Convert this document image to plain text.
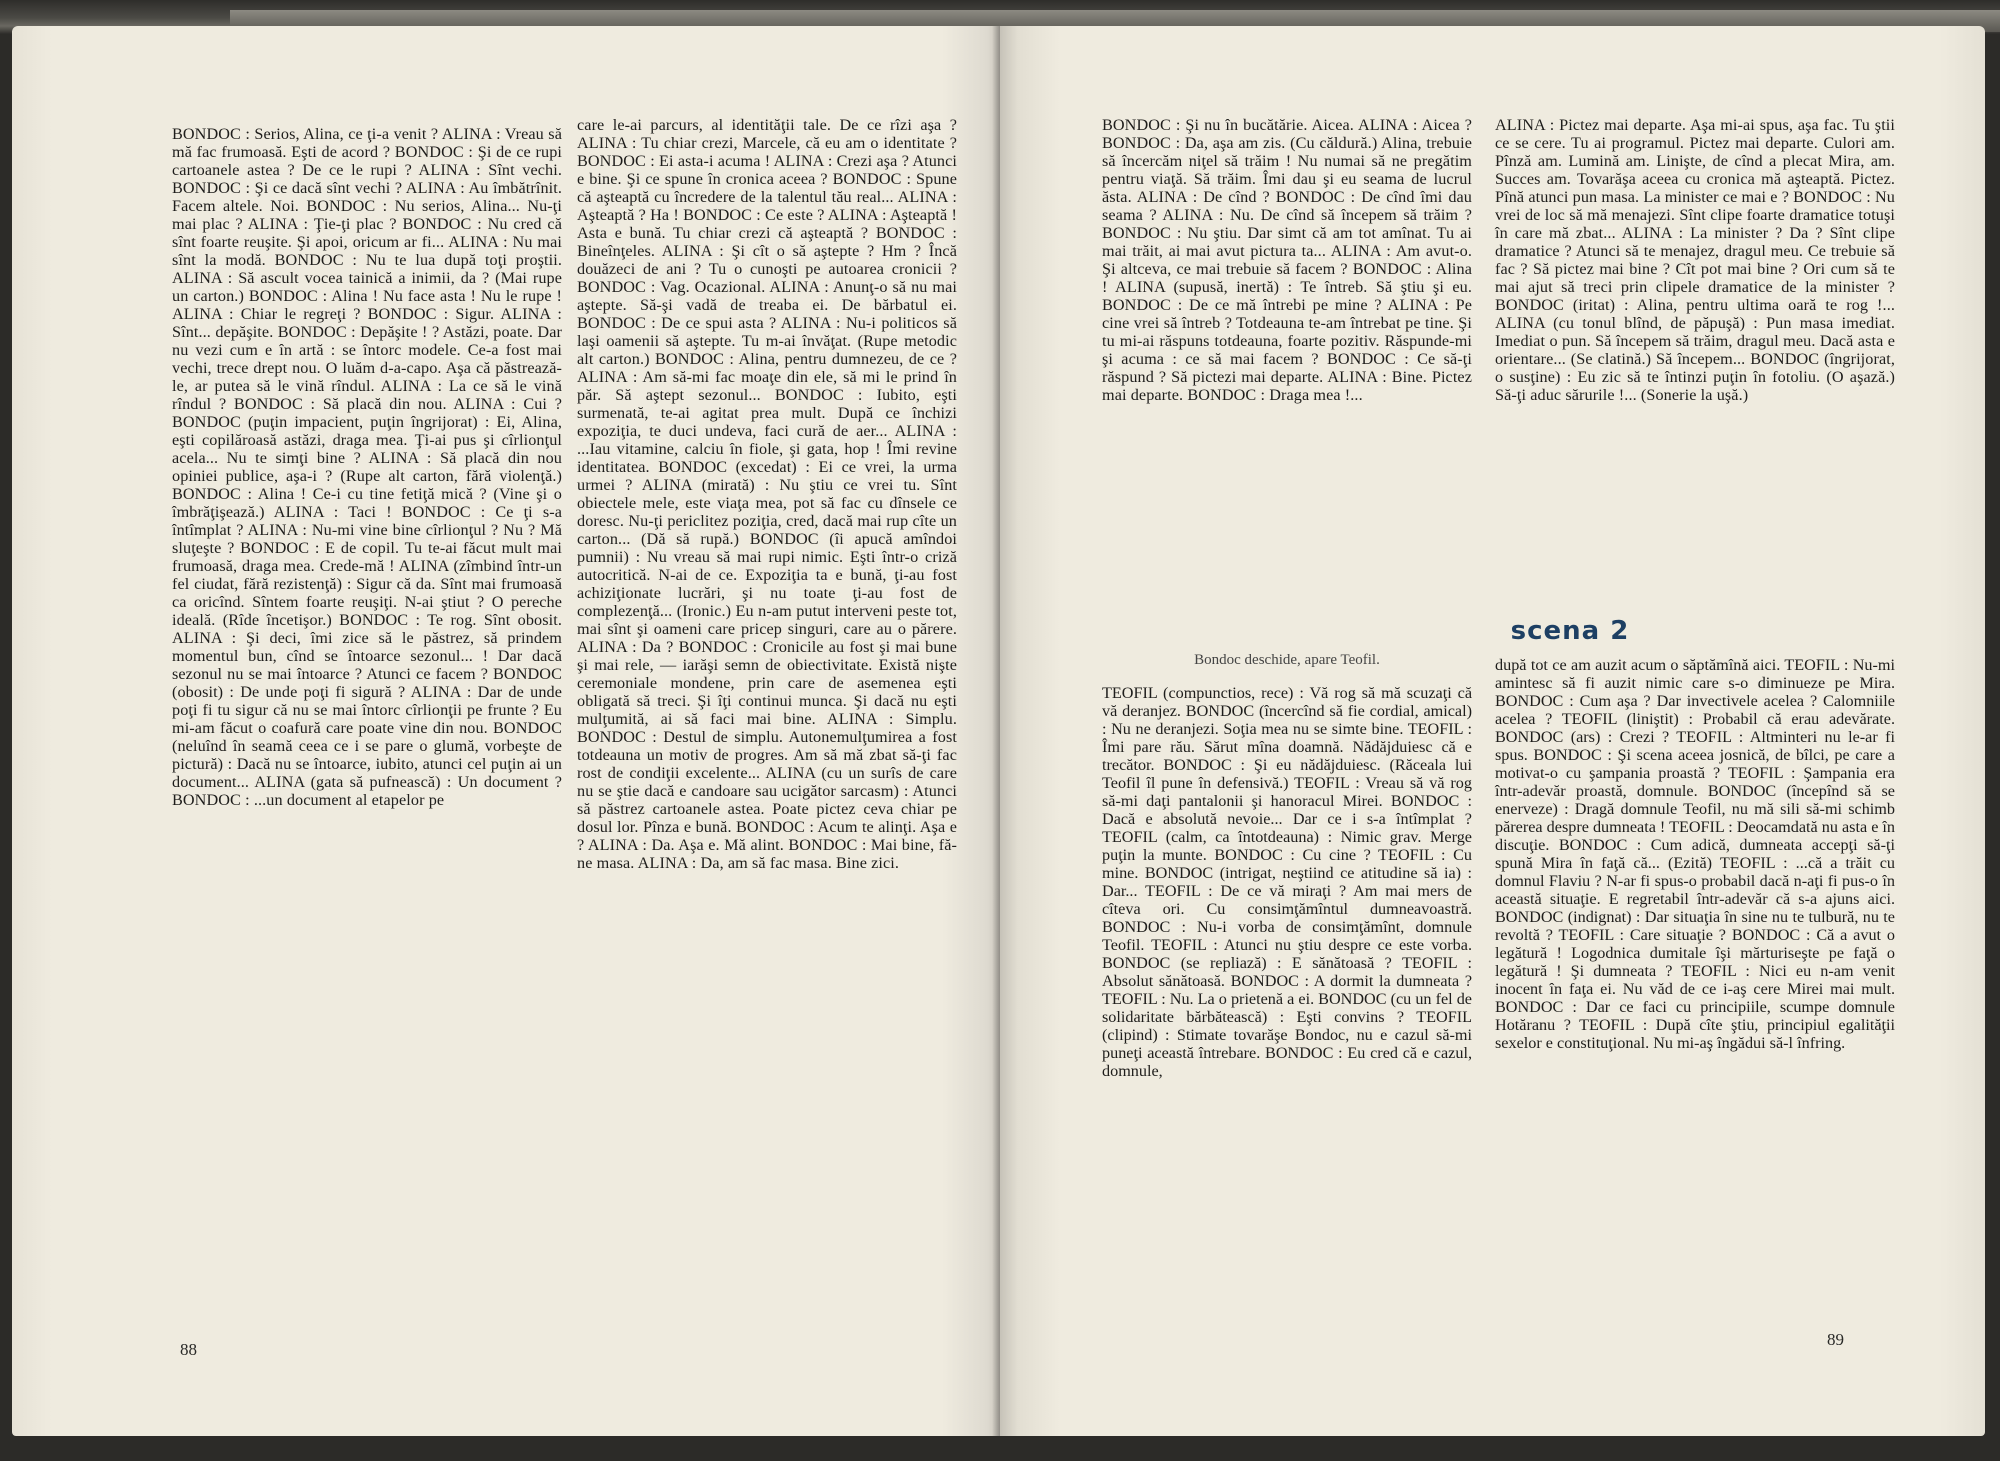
BONDOC : Serios, Alina, ce ţi-a venit ? ALINA : Vreau să mă fac frumoasă. Eşti de acord ? BONDOC : Şi de ce rupi cartoanele astea ? De ce le rupi ? ALINA : Sînt vechi. BONDOC : Şi ce dacă sînt vechi ? ALINA : Au îmbătrînit. Facem altele. Noi. BONDOC : Nu serios, Alina... Nu-ţi mai plac ? ALINA : Ţie-ţi plac ? BONDOC : Nu cred că sînt foarte reuşite. Şi apoi, oricum ar fi... ALINA : Nu mai sînt la modă. BONDOC : Nu te lua după toţi proştii. ALINA : Să ascult vocea tainică a inimii, da ? (Mai rupe un carton.) BONDOC : Alina ! Nu face asta ! Nu le rupe ! ALINA : Chiar le regreţi ? BONDOC : Sigur. ALINA : Sînt... depăşite. BONDOC : Depăşite ! ? Astăzi, poate. Dar nu vezi cum e în artă : se întorc modele. Ce-a fost mai vechi, trece drept nou. O luăm d-a-capo. Aşa că păstrează-le, ar putea să le vină rîndul. ALINA : La ce să le vină rîndul ? BONDOC : Să placă din nou. ALINA : Cui ? BONDOC (puţin impacient, puţin îngrijorat) : Ei, Alina, eşti copilăroasă astăzi, draga mea. Ţi-ai pus şi cîrlionţul acela... Nu te simţi bine ? ALINA : Să placă din nou opiniei publice, aşa-i ? (Rupe alt carton, fără violenţă.) BONDOC : Alina ! Ce-i cu tine fetiţă mică ? (Vine şi o îmbrăţişează.) ALINA : Taci ! BONDOC : Ce ţi s-a întîmplat ? ALINA : Nu-mi vine bine cîrlionţul ? Nu ? Mă sluţeşte ? BONDOC : E de copil. Tu te-ai făcut mult mai frumoasă, draga mea. Crede-mă ! ALINA (zîmbind într-un fel ciudat, fără rezistenţă) : Sigur că da. Sînt mai frumoasă ca oricînd. Sîntem foarte reuşiţi. N-ai ştiut ? O pereche ideală. (Rîde încetişor.) BONDOC : Te rog. Sînt obosit. ALINA : Şi deci, îmi zice să le păstrez, să prindem momentul bun, cînd se întoarce sezonul... ! Dar dacă sezonul nu se mai întoarce ? Atunci ce facem ? BONDOC (obosit) : De unde poţi fi sigură ? ALINA : Dar de unde poţi fi tu sigur că nu se mai întorc cîrlionţii pe frunte ? Eu mi-am făcut o coafură care poate vine din nou. BONDOC (neluînd în seamă ceea ce i se pare o glumă, vorbeşte de pictură) : Dacă nu se întoarce, iubito, atunci cel puţin ai un document... ALINA (gata să pufnească) : Un document ? BONDOC : ...un document al etapelor pe
care le-ai parcurs, al identităţii tale. De ce rîzi aşa ? ALINA : Tu chiar crezi, Marcele, că eu am o identitate ? BONDOC : Ei asta-i acuma ! ALINA : Crezi aşa ? Atunci e bine. Şi ce spune în cronica aceea ? BONDOC : Spune că aşteaptă cu încredere de la talentul tău real... ALINA : Aşteaptă ? Ha ! BONDOC : Ce este ? ALINA : Aşteaptă ! Asta e bună. Tu chiar crezi că aşteaptă ? BONDOC : Bineînţeles. ALINA : Şi cît o să aştepte ? Hm ? Încă douăzeci de ani ? Tu o cunoşti pe autoarea cronicii ? BONDOC : Vag. Ocazional. ALINA : Anunţ-o să nu mai aştepte. Să-şi vadă de treaba ei. De bărbatul ei. BONDOC : De ce spui asta ? ALINA : Nu-i politicos să laşi oamenii să aştepte. Tu m-ai învăţat. (Rupe metodic alt carton.) BONDOC : Alina, pentru dumnezeu, de ce ? ALINA : Am să-mi fac moaţe din ele, să mi le prind în păr. Să aştept sezonul... BONDOC : Iubito, eşti surmenată, te-ai agitat prea mult. După ce închizi expoziţia, te duci undeva, faci cură de aer... ALINA : ...Iau vitamine, calciu în fiole, şi gata, hop ! Îmi revine identitatea. BONDOC (excedat) : Ei ce vrei, la urma urmei ? ALINA (mirată) : Nu ştiu ce vrei tu. Sînt obiectele mele, este viaţa mea, pot să fac cu dînsele ce doresc. Nu-ţi periclitez poziţia, cred, dacă mai rup cîte un carton... (Dă să rupă.) BONDOC (îi apucă amîndoi pumnii) : Nu vreau să mai rupi nimic. Eşti într-o criză autocritică. N-ai de ce. Expoziţia ta e bună, ţi-au fost achiziţionate lucrări, şi nu toate ţi-au fost de complezenţă... (Ironic.) Eu n-am putut interveni peste tot, mai sînt şi oameni care pricep singuri, care au o părere. ALINA : Da ? BONDOC : Cronicile au fost şi mai bune şi mai rele, — iarăşi semn de obiectivitate. Există nişte ceremoniale mondene, prin care de asemenea eşti obligată să treci. Şi îţi continui munca. Şi dacă nu eşti mulţumită, ai să faci mai bine. ALINA : Simplu. BONDOC : Destul de simplu. Autonemulţumirea a fost totdeauna un motiv de progres. Am să mă zbat să-ţi fac rost de condiţii excelente... ALINA (cu un surîs de care nu se ştie dacă e candoare sau ucigător sarcasm) : Atunci să păstrez cartoanele astea. Poate pictez ceva chiar pe dosul lor. Pînza e bună. BONDOC : Acum te alinţi. Aşa e ? ALINA : Da. Aşa e. Mă alint. BONDOC : Mai bine, fă-ne masa. ALINA : Da, am să fac masa. Bine zici.
88
BONDOC : Şi nu în bucătărie. Aicea. ALINA : Aicea ? BONDOC : Da, aşa am zis. (Cu căldură.) Alina, trebuie să încercăm niţel să trăim ! Nu numai să ne pregătim pentru viaţă. Să trăim. Îmi dau şi eu seama de lucrul ăsta. ALINA : De cînd ? BONDOC : De cînd îmi dau seama ? ALINA : Nu. De cînd să începem să trăim ? BONDOC : Nu ştiu. Dar simt că am tot amînat. Tu ai mai trăit, ai mai avut pictura ta... ALINA : Am avut-o. Şi altceva, ce mai trebuie să facem ? BONDOC : Alina ! ALINA (supusă, inertă) : Te întreb. Să ştiu şi eu. BONDOC : De ce mă întrebi pe mine ? ALINA : Pe cine vrei să întreb ? Totdeauna te-am întrebat pe tine. Şi tu mi-ai răspuns totdeauna, foarte pozitiv. Răspunde-mi şi acuma : ce să mai facem ? BONDOC : Ce să-ţi răspund ? Să pictezi mai departe. ALINA : Bine. Pictez mai departe. BONDOC : Draga mea !...
ALINA : Pictez mai departe. Aşa mi-ai spus, aşa fac. Tu ştii ce se cere. Tu ai programul. Pictez mai departe. Culori am. Pînză am. Lumină am. Linişte, de cînd a plecat Mira, am. Succes am. Tovarăşa aceea cu cronica mă aşteaptă. Pictez. Pînă atunci pun masa. La minister ce mai e ? BONDOC : Nu vrei de loc să mă menajezi. Sînt clipe foarte dramatice totuşi în care mă zbat... ALINA : La minister ? Da ? Sînt clipe dramatice ? Atunci să te menajez, dragul meu. Ce trebuie să fac ? Să pictez mai bine ? Cît pot mai bine ? Ori cum să te mai ajut să treci prin clipele dramatice de la minister ? BONDOC (iritat) : Alina, pentru ultima oară te rog !... ALINA (cu tonul blînd, de păpuşă) : Pun masa imediat. Imediat o pun. Să începem să trăim, dragul meu. Dacă asta e orientare... (Se clatină.) Să începem... BONDOC (îngrijorat, o susţine) : Eu zic să te întinzi puţin în fotoliu. (O aşază.) Să-ţi aduc sărurile !... (Sonerie la uşă.)
scena 2
Bondoc deschide, apare Teofil.
TEOFIL (compunctios, rece) : Vă rog să mă scuzaţi că vă deranjez. BONDOC (încercînd să fie cordial, amical) : Nu ne deranjezi. Soţia mea nu se simte bine. TEOFIL : Îmi pare rău. Sărut mîna doamnă. Nădăjduiesc că e trecător. BONDOC : Şi eu nădăjduiesc. (Răceala lui Teofil îl pune în defensivă.) TEOFIL : Vreau să vă rog să-mi daţi pantalonii şi hanoracul Mirei. BONDOC : Dacă e absolută nevoie... Dar ce i s-a întîmplat ? TEOFIL (calm, ca întotdeauna) : Nimic grav. Merge puţin la munte. BONDOC : Cu cine ? TEOFIL : Cu mine. BONDOC (intrigat, neştiind ce atitudine să ia) : Dar... TEOFIL : De ce vă miraţi ? Am mai mers de cîteva ori. Cu consimţămîntul dumneavoastră. BONDOC : Nu-i vorba de consimţămînt, domnule Teofil. TEOFIL : Atunci nu ştiu despre ce este vorba. BONDOC (se repliază) : E sănătoasă ? TEOFIL : Absolut sănătoasă. BONDOC : A dormit la dumneata ? TEOFIL : Nu. La o prietenă a ei. BONDOC (cu un fel de solidaritate bărbătească) : Eşti convins ? TEOFIL (clipind) : Stimate tovarăşe Bondoc, nu e cazul să-mi puneţi această întrebare. BONDOC : Eu cred că e cazul, domnule,
după tot ce am auzit acum o săptămînă aici. TEOFIL : Nu-mi amintesc să fi auzit nimic care s-o diminueze pe Mira. BONDOC : Cum aşa ? Dar invectivele acelea ? Calomniile acelea ? TEOFIL (liniştit) : Probabil că erau adevărate. BONDOC (ars) : Crezi ? TEOFIL : Altminteri nu le-ar fi spus. BONDOC : Şi scena aceea josnică, de bîlci, pe care a motivat-o cu şampania proastă ? TEOFIL : Şampania era într-adevăr proastă, domnule. BONDOC (începînd să se enerveze) : Dragă domnule Teofil, nu mă sili să-mi schimb părerea despre dumneata ! TEOFIL : Deocamdată nu asta e în discuţie. BONDOC : Cum adică, dumneata accepţi să-ţi spună Mira în faţă că... (Ezită) TEOFIL : ...că a trăit cu domnul Flaviu ? N-ar fi spus-o probabil dacă n-aţi fi pus-o în această situaţie. E regretabil într-adevăr că s-a ajuns aici. BONDOC (indignat) : Dar situaţia în sine nu te tulbură, nu te revoltă ? TEOFIL : Care situaţie ? BONDOC : Că a avut o legătură ! Logodnica dumitale îşi mărturiseşte pe faţă o legătură ! Şi dumneata ? TEOFIL : Nici eu n-am venit inocent în faţa ei. Nu văd de ce i-aş cere Mirei mai mult. BONDOC : Dar ce faci cu principiile, scumpe domnule Hotăranu ? TEOFIL : După cîte ştiu, principiul egalităţii sexelor e constituţional. Nu mi-aş îngădui să-l înfring.
89
